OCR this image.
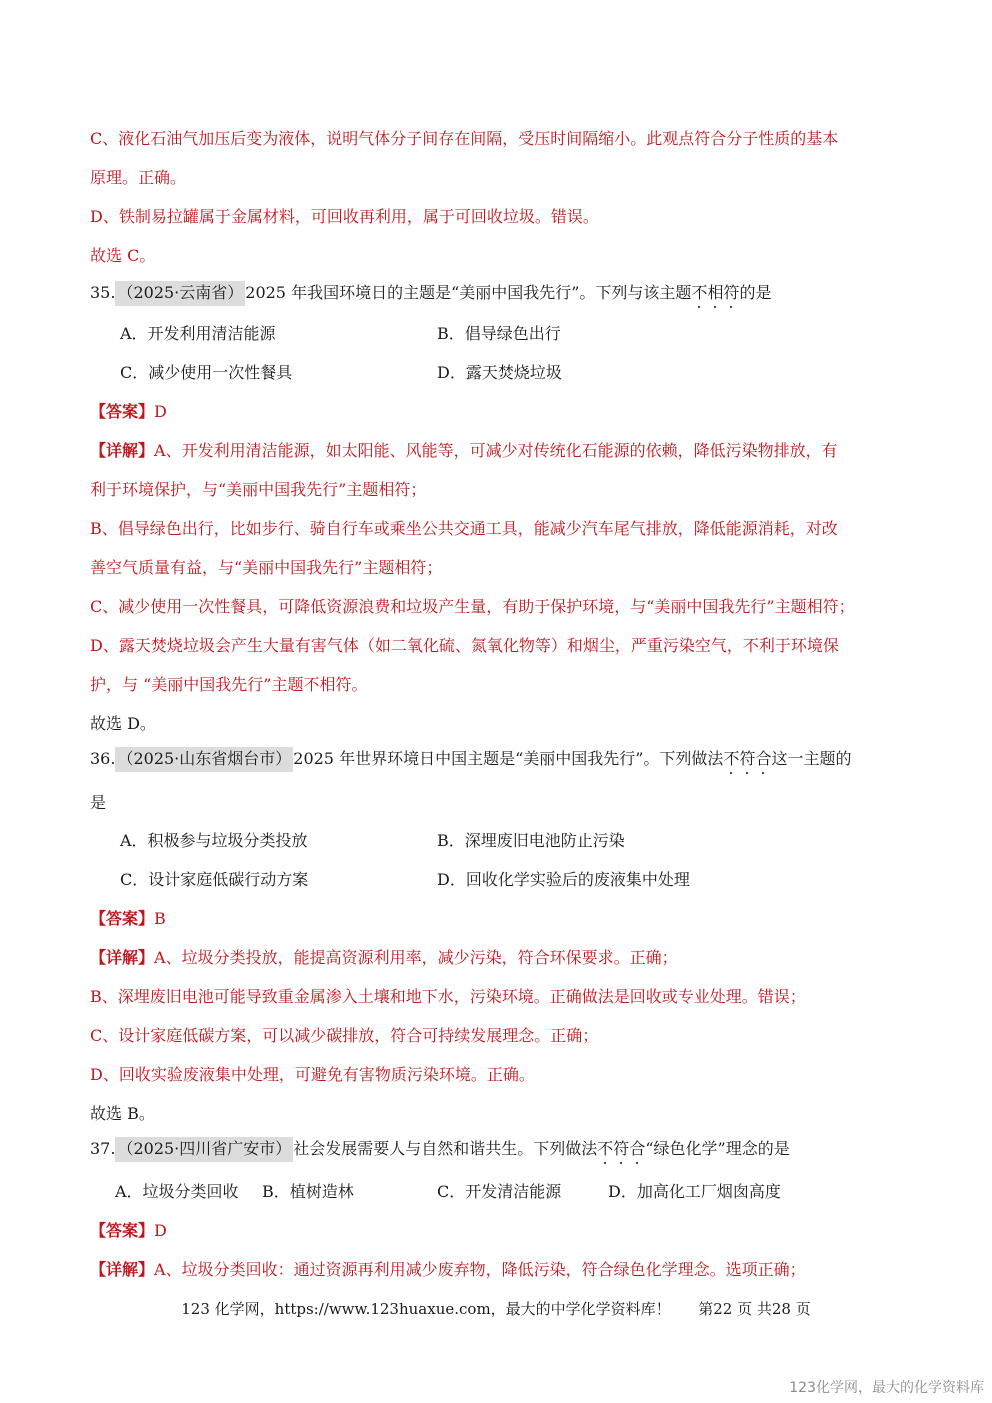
C、液化石油气加压后变为液体，说明气体分子间存在间隔，受压时间隔缩小。此观点符合分子性质的基本
原理。正确。
D、铁制易拉罐属于金属材料，可回收再利用，属于可回收垃圾。错误。
故选 C。
35. （2025·云南省） 2025 年我国环境日的主题是“美丽中国我先行”。下列与该主题不相符的是
A．开发利用清洁能源	B．倡导绿色出行
C．减少使用一次性餐具	D．露天焚烧垃圾
【答案】D
【详解】A、开发利用清洁能源，如太阳能、风能等，可减少对传统化石能源的依赖，降低污染物排放，有
利于环境保护，与“美丽中国我先行”主题相符；
B、倡导绿色出行，比如步行、骑自行车或乘坐公共交通工具，能减少汽车尾气排放，降低能源消耗，对改
善空气质量有益，与“美丽中国我先行”主题相符；
C、减少使用一次性餐具，可降低资源浪费和垃圾产生量，有助于保护环境，与“美丽中国我先行”主题相符；
D、露天焚烧垃圾会产生大量有害气体（如二氧化硫、氮氧化物等）和烟尘，严重污染空气，不利于环境保
护，与 “美丽中国我先行”主题不相符。
故选 D。
36. （2025·山东省烟台市） 2025 年世界环境日中国主题是“美丽中国我先行”。下列做法不符合这一主题的
是
A．积极参与垃圾分类投放	B．深埋废旧电池防止污染
C．设计家庭低碳行动方案	D．回收化学实验后的废液集中处理
【答案】B
【详解】A、垃圾分类投放，能提高资源利用率，减少污染，符合环保要求。正确；
B、深埋废旧电池可能导致重金属渗入土壤和地下水，污染环境。正确做法是回收或专业处理。错误；
C、设计家庭低碳方案，可以减少碳排放，符合可持续发展理念。正确；
D、回收实验废液集中处理，可避免有害物质污染环境。正确。
故选 B。
37. （2025·四川省广安市） 社会发展需要人与自然和谐共生。下列做法不符合“绿色化学”理念的是
A．垃圾分类回收 B．植树造林	C．开发清洁能源	D．加高化工厂烟囱高度
【答案】D
【详解】A、垃圾分类回收：通过资源再利用减少废弃物，降低污染，符合绿色化学理念。选项正确；
123 化学网，https://www.123huaxue.com，最大的中学化学资料库！ 第22 页 共28 页
123化学网，最大的化学资料库
